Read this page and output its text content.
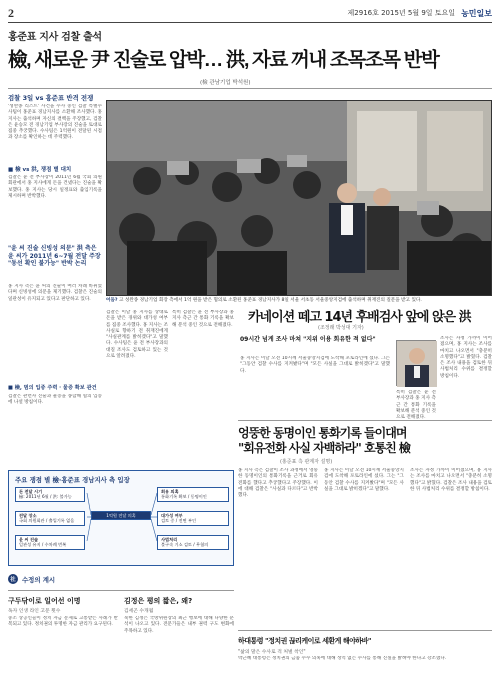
2	제2916호 2015년 5월 9일 토요일 농민일보
홍준표 지사 검찰 출석
檢, 새로운 尹 진술로 압박… 洪, 자료 꺼내 조목조목 반박
(檢 관남기업 박석원)
검찰 3일 vs 홍준표 반격 전쟁
'성완종 리스트' 사건을 수사 중인 검찰 특별수사팀이 홍준표 경남지사를 소환해 조사했다. 홍 지사는 출석하며 자신의 결백을 주장했고, 검찰은 윤승모 전 경남기업 부사장의 진술을 토대로 집중 추궁했다. 수사팀은 1억원이 전달된 시점과 장소를 확인하는 데 주력했다.
■ 檢 vs 洪, 쟁점 별 대치
검찰은 윤 전 부사장이 2011년 6월 국회 의원회관에서 홍 지사에게 돈을 건넸다는 진술을 확보했다. 홍 지사는 당시 일정표와 출입기록을 제시하며 반박했다.
"윤 씨 진술 신빙성 의문" 洪 측은 윤 씨가 2011년 6~7월 전달 주장 "동선 확인 불가능" 반박 논리
홍 지사 측은 윤 씨의 진술이 여러 차례 바뀌었다며 신빙성에 의문을 제기했다. 검찰은 진술의 일관성이 유지되고 있다고 판단하고 있다.
■ 檢, 범의 입증 주력 · 물증 확보 관건
검찰은 관련자 진술과 물증을 종합해 혐의 입증에 나설 방침이다.
검찰은 이날 홍 지사를 상대로 돈을 받은 경위와 대가성 여부를 집중 조사했다. 홍 지사는 조사실로 향하기 전 취재진에게 "사실관계를 밝히겠다"고 말했다. 수사팀은 윤 전 부사장과의 대질 조사도 검토하고 있는 것으로 알려졌다.
특히 검찰은 윤 전 부사장과 홍 지사 측근 간 통화 기록을 확보해 분석 중인 것으로 전해졌다.
어둠? 고 성완종 경남기업 회장 측에서 1억 원을 받은 혐의로 소환된 홍준표 경남지사가 8일 서울 서초동 서울중앙지검에 출석하며 취재진의 질문을 받고 있다.
카네이션 떼고 14년 후배검사 앞에 앉은 洪
(조정래 박성대 기자)
09시간 넘게 조사 마쳐 "지위 이용 회유한 적 없다"
홍 지사는 이날 오전 10시께 서울중앙지검에 도착해 포토라인에 섰다. 그는 "그동안 검찰 수사를 지켜봤다"며 "모든 사실을 그대로 밝히겠다"고 말했다.
조사는 자정 가까이 이어졌으며, 홍 지사는 조사를 마치고 나오면서 "충분히 소명했다"고 밝혔다. 검찰은 조사 내용을 검토한 뒤 사법처리 수위를 결정할 방침이다.
특히 검찰은 윤 전 부사장과 홍 지사 측근 간 통화 기록을 확보해 분석 중인 것으로 전해졌다.
엉뚱한 동명이인 통화기록 들이대며
"회유전화 사실 자백하라" 호통친 檢
(홍준표 측 관계자 설명)
홍 지사 측은 검찰이 조사 과정에서 엉뚱한 동명이인의 통화기록을 근거로 회유 전화를 했다고 추궁했다고 주장했다. 이에 대해 검찰은 "사실과 다르다"고 반박했다.
홍 지사는 이날 오전 10시께 서울중앙지검에 도착해 포토라인에 섰다. 그는 "그동안 검찰 수사를 지켜봤다"며 "모든 사실을 그대로 밝히겠다"고 말했다.
조사는 자정 가까이 이어졌으며, 홍 지사는 조사를 마치고 나오면서 "충분히 소명했다"고 밝혔다. 검찰은 조사 내용을 검토한 뒤 사법처리 수위를 결정할 방침이다.
주요 쟁점 별 檢·홍준표 경남지사 측 입장
1억원 전달 의혹
돈 전달 시기
檢: 2011년 6월 / 洪: 불가능
전달 장소
국회 의원회관 / 출입기록 없음
윤 씨 진술
일관성 유지 / 수차례 번복
회유 의혹
통화기록 확보 / 동명이인
대가성 여부
검토 중 / 전면 부인
사법처리
불구속 기소 검토 / 무혐의
社 수정의 계시
구두닦이로 일어선 이명
독자 인생 라인 고문 횟수
중소 상공인들이 정치 자금 문제로 고통받는 사례가 반복되고 있다. 정치권의 투명한 자금 관리가 요구된다.
김정은 평의 짧은, 왜?
김세곤 수개월
북한 김정은 국방위원장의 최근 행보에 대해 다양한 분석이 나오고 있다. 전문가들은 내부 권력 구도 변화에 주목하고 있다.
하대통령 "정치권 끊리케이로 세환게 해야하바"
"삶의 말은 수사로 격 처벌 착인"
박근혜 대통령은 정치권의 금품 수수 의혹에 대해 성역 없는 수사를 통해 진실을 밝혀야 한다고 강조했다.
